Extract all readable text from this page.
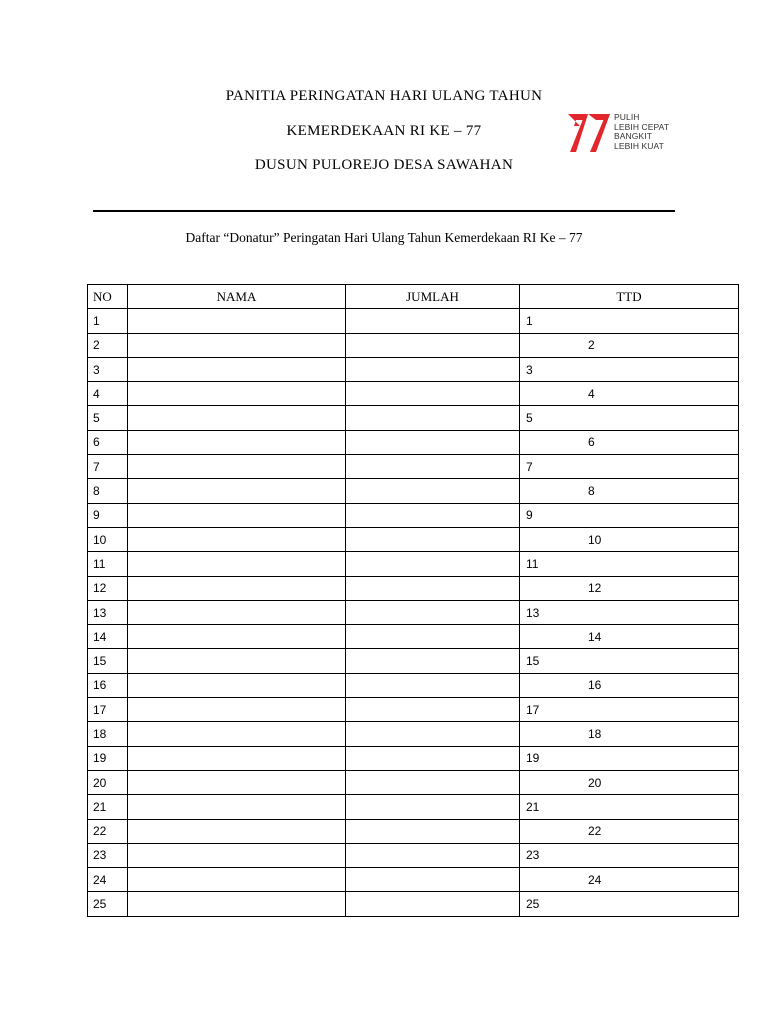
PANITIA PERINGATAN HARI ULANG TAHUN
KEMERDEKAAN RI KE – 77
DUSUN PULOREJO DESA SAWAHAN
PULIH
LEBIH CEPAT
BANGKIT
LEBIH KUAT
Daftar “Donatur” Peringatan Hari Ulang Tahun Kemerdekaan RI Ke – 77
NO	NAMA	JUMLAH	TTD
1			1
2			2
3			3
4			4
5			5
6			6
7			7
8			8
9			9
10			10
11			11
12			12
13			13
14			14
15			15
16			16
17			17
18			18
19			19
20			20
21			21
22			22
23			23
24			24
25			25
